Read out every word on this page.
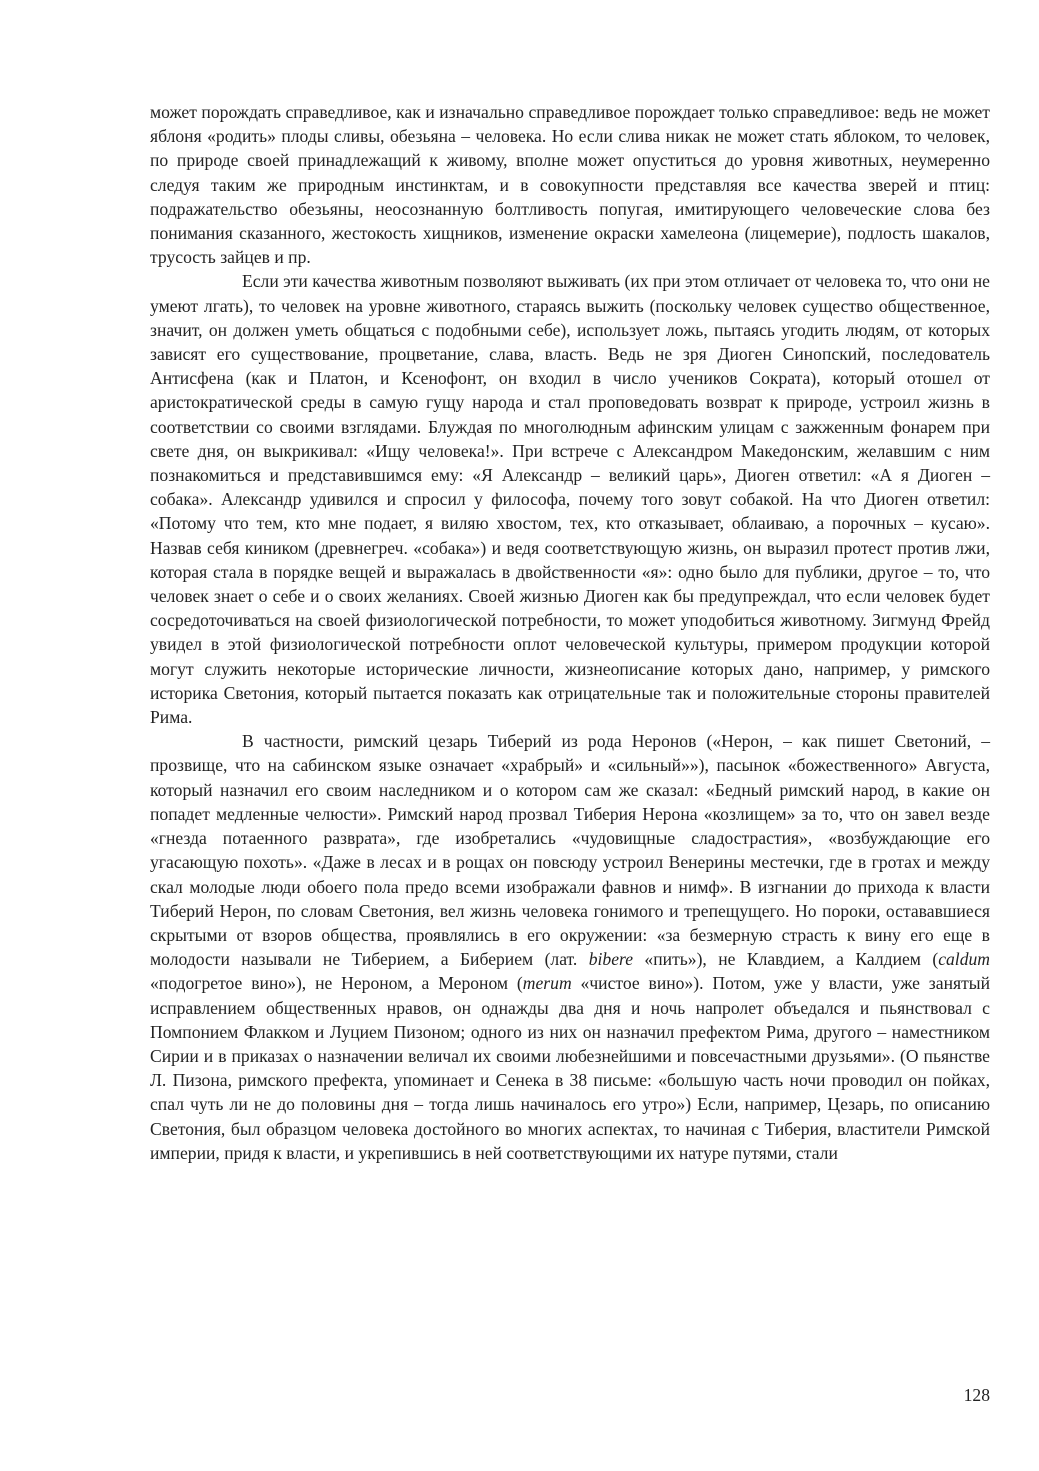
может порождать справедливое, как и изначально справедливое порождает только справедливое: ведь не может яблоня «родить» плоды сливы, обезьяна – человека. Но если слива никак не может стать яблоком, то человек, по природе своей принадлежащий к живому, вполне может опуститься до уровня животных, неумеренно следуя таким же природным инстинктам, и в совокупности представляя все качества зверей и птиц: подражательство обезьяны, неосознанную болтливость попугая, имитирующего человеческие слова без понимания сказанного, жестокость хищников, изменение окраски хамелеона (лицемерие), подлость шакалов, трусость зайцев и пр.

Если эти качества животным позволяют выживать (их при этом отличает от человека то, что они не умеют лгать), то человек на уровне животного, стараясь выжить (поскольку человек существо общественное, значит, он должен уметь общаться с подобными себе), использует ложь, пытаясь угодить людям, от которых зависят его существование, процветание, слава, власть. Ведь не зря Диоген Синопский, последователь Антисфена (как и Платон, и Ксенофонт, он входил в число учеников Сократа), который отошел от аристократической среды в самую гущу народа и стал проповедовать возврат к природе, устроил жизнь в соответствии со своими взглядами. Блуждая по многолюдным афинским улицам с зажженным фонарем при свете дня, он выкрикивал: «Ищу человека!». При встрече с Александром Македонским, желавшим с ним познакомиться и представившимся ему: «Я Александр – великий царь», Диоген ответил: «А я Диоген – собака». Александр удивился и спросил у философа, почему того зовут собакой. На что Диоген ответил: «Потому что тем, кто мне подает, я виляю хвостом, тех, кто отказывает, облаиваю, а порочных – кусаю». Назвав себя киником (древнегреч. «собака») и ведя соответствующую жизнь, он выразил протест против лжи, которая стала в порядке вещей и выражалась в двойственности «я»: одно было для публики, другое – то, что человек знает о себе и о своих желаниях. Своей жизнью Диоген как бы предупреждал, что если человек будет сосредоточиваться на своей физиологической потребности, то может уподобиться животному. Зигмунд Фрейд увидел в этой физиологической потребности оплот человеческой культуры, примером продукции которой могут служить некоторые исторические личности, жизнеописание которых дано, например, у римского историка Светония, который пытается показать как отрицательные так и положительные стороны правителей Рима.

В частности, римский цезарь Тиберий из рода Неронов («Нерон, – как пишет Светоний, – прозвище, что на сабинском языке означает «храбрый» и «сильный»»), пасынок «божественного» Августа, который назначил его своим наследником и о котором сам же сказал: «Бедный римский народ, в какие он попадет медленные челюсти». Римский народ прозвал Тиберия Нерона «козлищем» за то, что он завел везде «гнезда потаенного разврата», где изобретались «чудовищные сладострастия», «возбуждающие его угасающую похоть». «Даже в лесах и в рощах он повсюду устроил Венерины местечки, где в гротах и между скал молодые люди обоего пола предо всеми изображали фавнов и нимф». В изгнании до прихода к власти Тиберий Нерон, по словам Светония, вел жизнь человека гонимого и трепещущего. Но пороки, остававшиеся скрытыми от взоров общества, проявлялись в его окружении: «за безмерную страсть к вину его еще в молодости называли не Тиберием, а Биберием (лат. bibere «пить»), не Клавдием, а Калдием (caldum «подогретое вино»), не Нероном, а Мероном (merum «чистое вино»). Потом, уже у власти, уже занятый исправлением общественных нравов, он однажды два дня и ночь напролет объедался и пьянствовал с Помпонием Флакком и Луцием Пизоном; одного из них он назначил префектом Рима, другого – наместником Сирии и в приказах о назначении величал их своими любезнейшими и повсечастными друзьями». (О пьянстве Л. Пизона, римского префекта, упоминает и Сенека в 38 письме: «большую часть ночи проводил он пойках, спал чуть ли не до половины дня – тогда лишь начиналось его утро») Если, например, Цезарь, по описанию Светония, был образцом человека достойного во многих аспектах, то начиная с Тиберия, властители Римской империи, придя к власти, и укрепившись в ней соответствующими их натуре путями, стали

128
